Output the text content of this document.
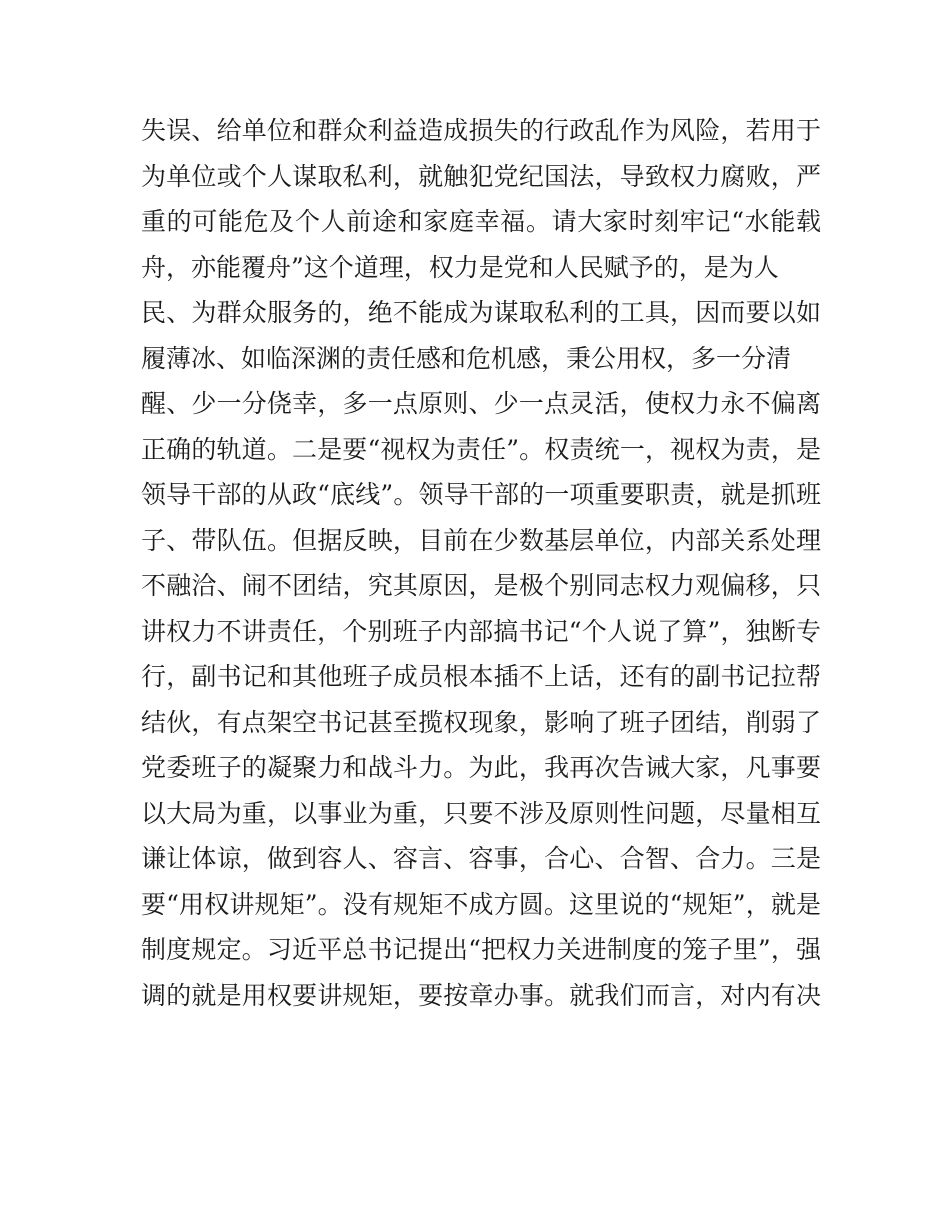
失误、给单位和群众利益造成损失的行政乱作为风险，若用于
为单位或个人谋取私利，就触犯党纪国法，导致权力腐败，严
重的可能危及个人前途和家庭幸福。请大家时刻牢记“水能载
舟，亦能覆舟”这个道理，权力是党和人民赋予的，是为人
民、为群众服务的，绝不能成为谋取私利的工具，因而要以如
履薄冰、如临深渊的责任感和危机感，秉公用权，多一分清
醒、少一分侥幸，多一点原则、少一点灵活，使权力永不偏离
正确的轨道。二是要“视权为责任”。权责统一，视权为责，是
领导干部的从政“底线”。领导干部的一项重要职责，就是抓班
子、带队伍。但据反映，目前在少数基层单位，内部关系处理
不融洽、闹不团结，究其原因，是极个别同志权力观偏移，只
讲权力不讲责任，个别班子内部搞书记“个人说了算”，独断专
行，副书记和其他班子成员根本插不上话，还有的副书记拉帮
结伙，有点架空书记甚至揽权现象，影响了班子团结，削弱了
党委班子的凝聚力和战斗力。为此，我再次告诫大家，凡事要
以大局为重，以事业为重，只要不涉及原则性问题，尽量相互
谦让体谅，做到容人、容言、容事，合心、合智、合力。三是
要“用权讲规矩”。没有规矩不成方圆。这里说的“规矩”，就是
制度规定。习近平总书记提出“把权力关进制度的笼子里”，强
调的就是用权要讲规矩，要按章办事。就我们而言，对内有决
